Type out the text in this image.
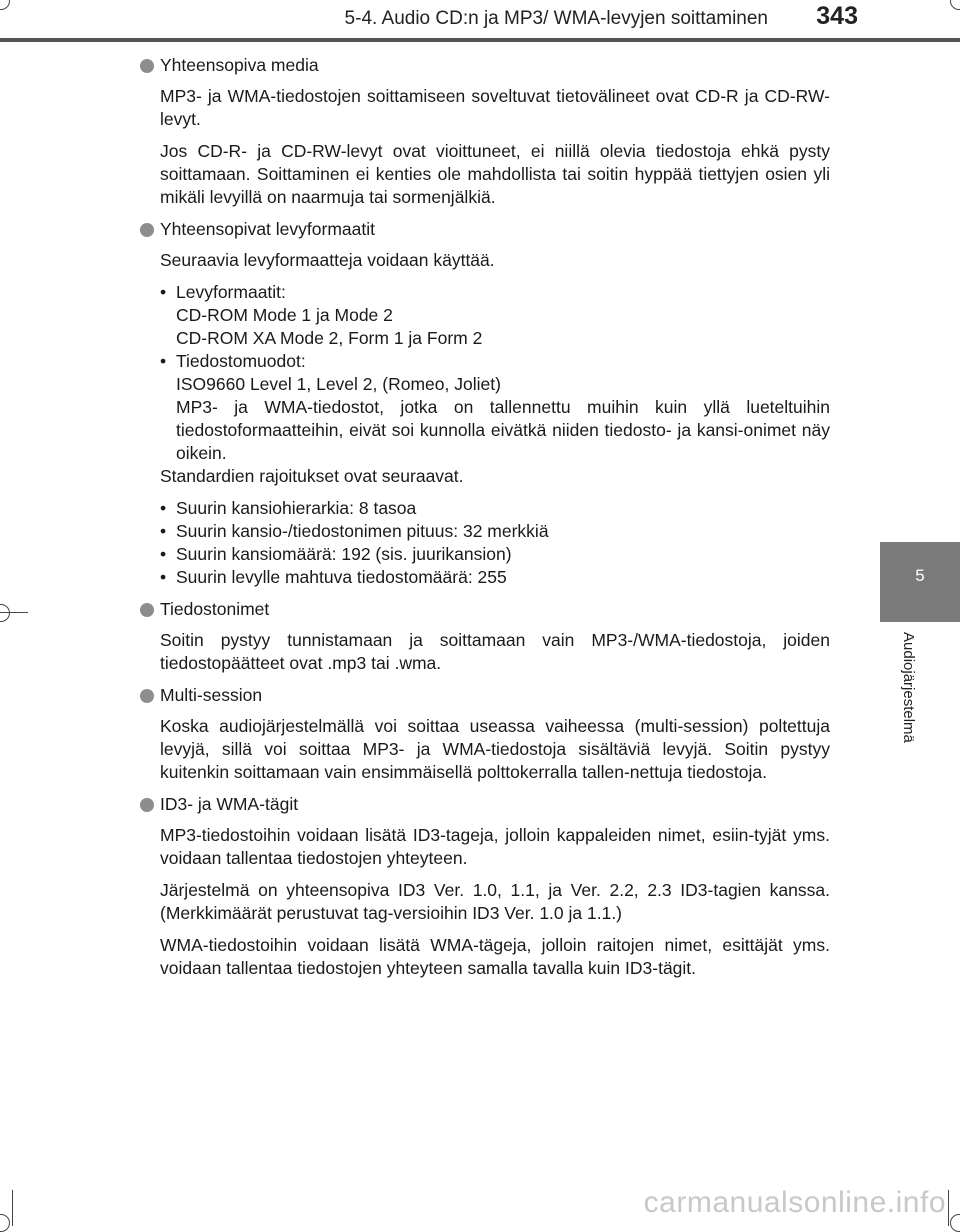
5-4. Audio CD:n ja MP3/ WMA-levyjen soittaminen 343
5
Audiojärjestelmä
Yhteensopiva media

MP3- ja WMA-tiedostojen soittamiseen soveltuvat tietovälineet ovat CD-R ja CD-RW-levyt.

Jos CD-R- ja CD-RW-levyt ovat vioittuneet, ei niillä olevia tiedostoja ehkä pysty soittamaan. Soittaminen ei kenties ole mahdollista tai soitin hyppää tiettyjen osien yli mikäli levyillä on naarmuja tai sormenjälkiä.

Yhteensopivat levyformaatit

Seuraavia levyformaatteja voidaan käyttää.

• Levyformaatit:
CD-ROM Mode 1 ja Mode 2
CD-ROM XA Mode 2, Form 1 ja Form 2
• Tiedostomuodot:
ISO9660 Level 1, Level 2, (Romeo, Joliet)
MP3- ja WMA-tiedostot, jotka on tallennettu muihin kuin yllä lueteltuihin tiedostoformaatteihin, eivät soi kunnolla eivätkä niiden tiedosto- ja kansi-onimet näy oikein.

Standardien rajoitukset ovat seuraavat.

• Suurin kansiohierarkia: 8 tasoa
• Suurin kansio-/tiedostonimen pituus: 32 merkkiä
• Suurin kansiomäärä: 192 (sis. juurikansion)
• Suurin levylle mahtuva tiedostomäärä: 255
Tiedostonimet

Soitin pystyy tunnistamaan ja soittamaan vain MP3-/WMA-tiedostoja, joiden tiedostopäätteet ovat .mp3 tai .wma.

Multi-session

Koska audiojärjestelmällä voi soittaa useassa vaiheessa (multi-session) poltettuja levyjä, sillä voi soittaa MP3- ja WMA-tiedostoja sisältäviä levyjä. Soitin pystyy kuitenkin soittamaan vain ensimmäisellä polttokerralla tallen-nettuja tiedostoja.

ID3- ja WMA-tägit

MP3-tiedostoihin voidaan lisätä ID3-tageja, jolloin kappaleiden nimet, esiin-tyjät yms. voidaan tallentaa tiedostojen yhteyteen.

Järjestelmä on yhteensopiva ID3 Ver. 1.0, 1.1, ja Ver. 2.2, 2.3 ID3-tagien kanssa. (Merkkimäärät perustuvat tag-versioihin ID3 Ver. 1.0 ja 1.1.)

WMA-tiedostoihin voidaan lisätä WMA-tägeja, jolloin raitojen nimet, esittäjät yms. voidaan tallentaa tiedostojen yhteyteen samalla tavalla kuin ID3-tägit.

carmanualsonline.info
